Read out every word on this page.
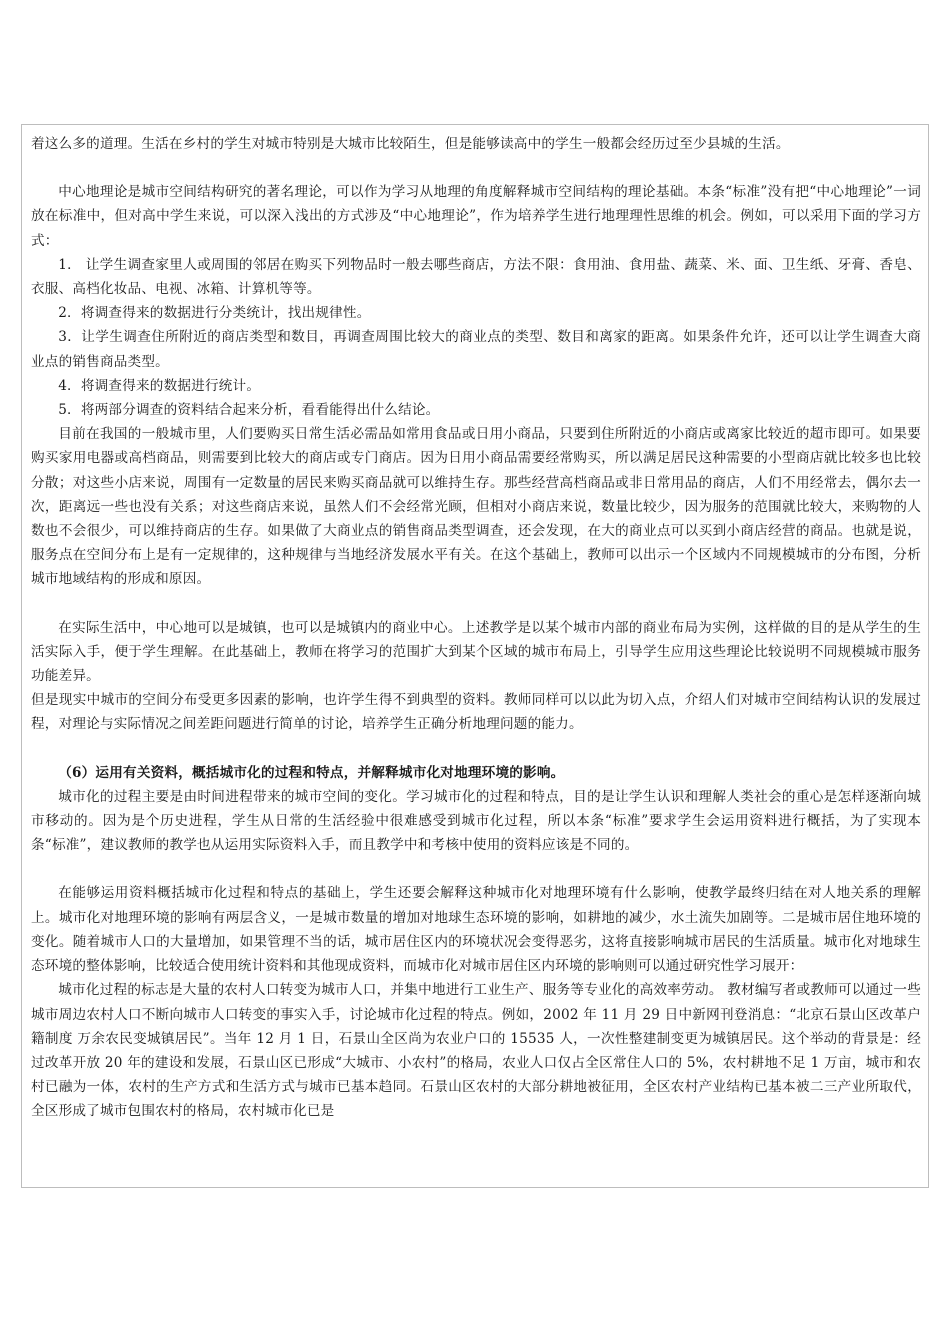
着这么多的道理。生活在乡村的学生对城市特别是大城市比较陌生，但是能够读高中的学生一般都会经历过至少县城的生活。

中心地理论是城市空间结构研究的著名理论，可以作为学习从地理的角度解释城市空间结构的理论基础。本条“标准”没有把“中心地理论”一词放在标准中，但对高中学生来说，可以深入浅出的方式涉及“中心地理论”，作为培养学生进行地理理性思维的机会。例如，可以采用下面的学习方式：

1． 让学生调查家里人或周围的邻居在购买下列物品时一般去哪些商店，方法不限：食用油、食用盐、蔬菜、米、面、卫生纸、牙膏、香皂、衣服、高档化妆品、电视、冰箱、计算机等等。

2．将调查得来的数据进行分类统计，找出规律性。

3．让学生调查住所附近的商店类型和数目，再调查周围比较大的商业点的类型、数目和离家的距离。如果条件允许，还可以让学生调查大商业点的销售商品类型。

4．将调查得来的数据进行统计。

5．将两部分调查的资料结合起来分析，看看能得出什么结论。

目前在我国的一般城市里，人们要购买日常生活必需品如常用食品或日用小商品，只要到住所附近的小商店或离家比较近的超市即可。如果要购买家用电器或高档商品，则需要到比较大的商店或专门商店。因为日用小商品需要经常购买，所以满足居民这种需要的小型商店就比较多也比较分散；对这些小店来说，周围有一定数量的居民来购买商品就可以维持生存。那些经营高档商品或非日常用品的商店，人们不用经常去，偶尔去一次，距离远一些也没有关系；对这些商店来说，虽然人们不会经常光顾，但相对小商店来说，数量比较少，因为服务的范围就比较大，来购物的人数也不会很少，可以维持商店的生存。如果做了大商业点的销售商品类型调查，还会发现，在大的商业点可以买到小商店经营的商品。也就是说，服务点在空间分布上是有一定规律的，这种规律与当地经济发展水平有关。在这个基础上，教师可以出示一个区域内不同规模城市的分布图，分析城市地域结构的形成和原因。

在实际生活中，中心地可以是城镇，也可以是城镇内的商业中心。上述教学是以某个城市内部的商业布局为实例，这样做的目的是从学生的生活实际入手，便于学生理解。在此基础上，教师在将学习的范围扩大到某个区域的城市布局上，引导学生应用这些理论比较说明不同规模城市服务功能差异。

但是现实中城市的空间分布受更多因素的影响，也许学生得不到典型的资料。教师同样可以以此为切入点，介绍人们对城市空间结构认识的发展过程，对理论与实际情况之间差距问题进行简单的讨论，培养学生正确分析地理问题的能力。

（6）运用有关资料，概括城市化的过程和特点，并解释城市化对地理环境的影响。

城市化的过程主要是由时间进程带来的城市空间的变化。学习城市化的过程和特点，目的是让学生认识和理解人类社会的重心是怎样逐渐向城市移动的。因为是个历史进程，学生从日常的生活经验中很难感受到城市化过程，所以本条“标准”要求学生会运用资料进行概括，为了实现本条“标准”，建议教师的教学也从运用实际资料入手，而且教学中和考核中使用的资料应该是不同的。

在能够运用资料概括城市化过程和特点的基础上，学生还要会解释这种城市化对地理环境有什么影响，使教学最终归结在对人地关系的理解上。城市化对地理环境的影响有两层含义，一是城市数量的增加对地球生态环境的影响，如耕地的减少，水土流失加剧等。二是城市居住地环境的变化。随着城市人口的大量增加，如果管理不当的话，城市居住区内的环境状况会变得恶劣，这将直接影响城市居民的生活质量。城市化对地球生态环境的整体影响，比较适合使用统计资料和其他现成资料，而城市化对城市居住区内环境的影响则可以通过研究性学习展开：

城市化过程的标志是大量的农村人口转变为城市人口，并集中地进行工业生产、服务等专业化的高效率劳动。 教材编写者或教师可以通过一些城市周边农村人口不断向城市人口转变的事实入手，讨论城市化过程的特点。例如，2002 年 11 月 29 日中新网刊登消息：“北京石景山区改革户籍制度 万余农民变城镇居民”。当年 12 月 1 日，石景山全区尚为农业户口的 15535 人，一次性整建制变更为城镇居民。这个举动的背景是：经过改革开放 20 年的建设和发展，石景山区已形成“大城市、小农村”的格局，农业人口仅占全区常住人口的 5%，农村耕地不足 1 万亩，城市和农村已融为一体，农村的生产方式和生活方式与城市已基本趋同。石景山区农村的大部分耕地被征用，全区农村产业结构已基本被二三产业所取代，全区形成了城市包围农村的格局，农村城市化已是
